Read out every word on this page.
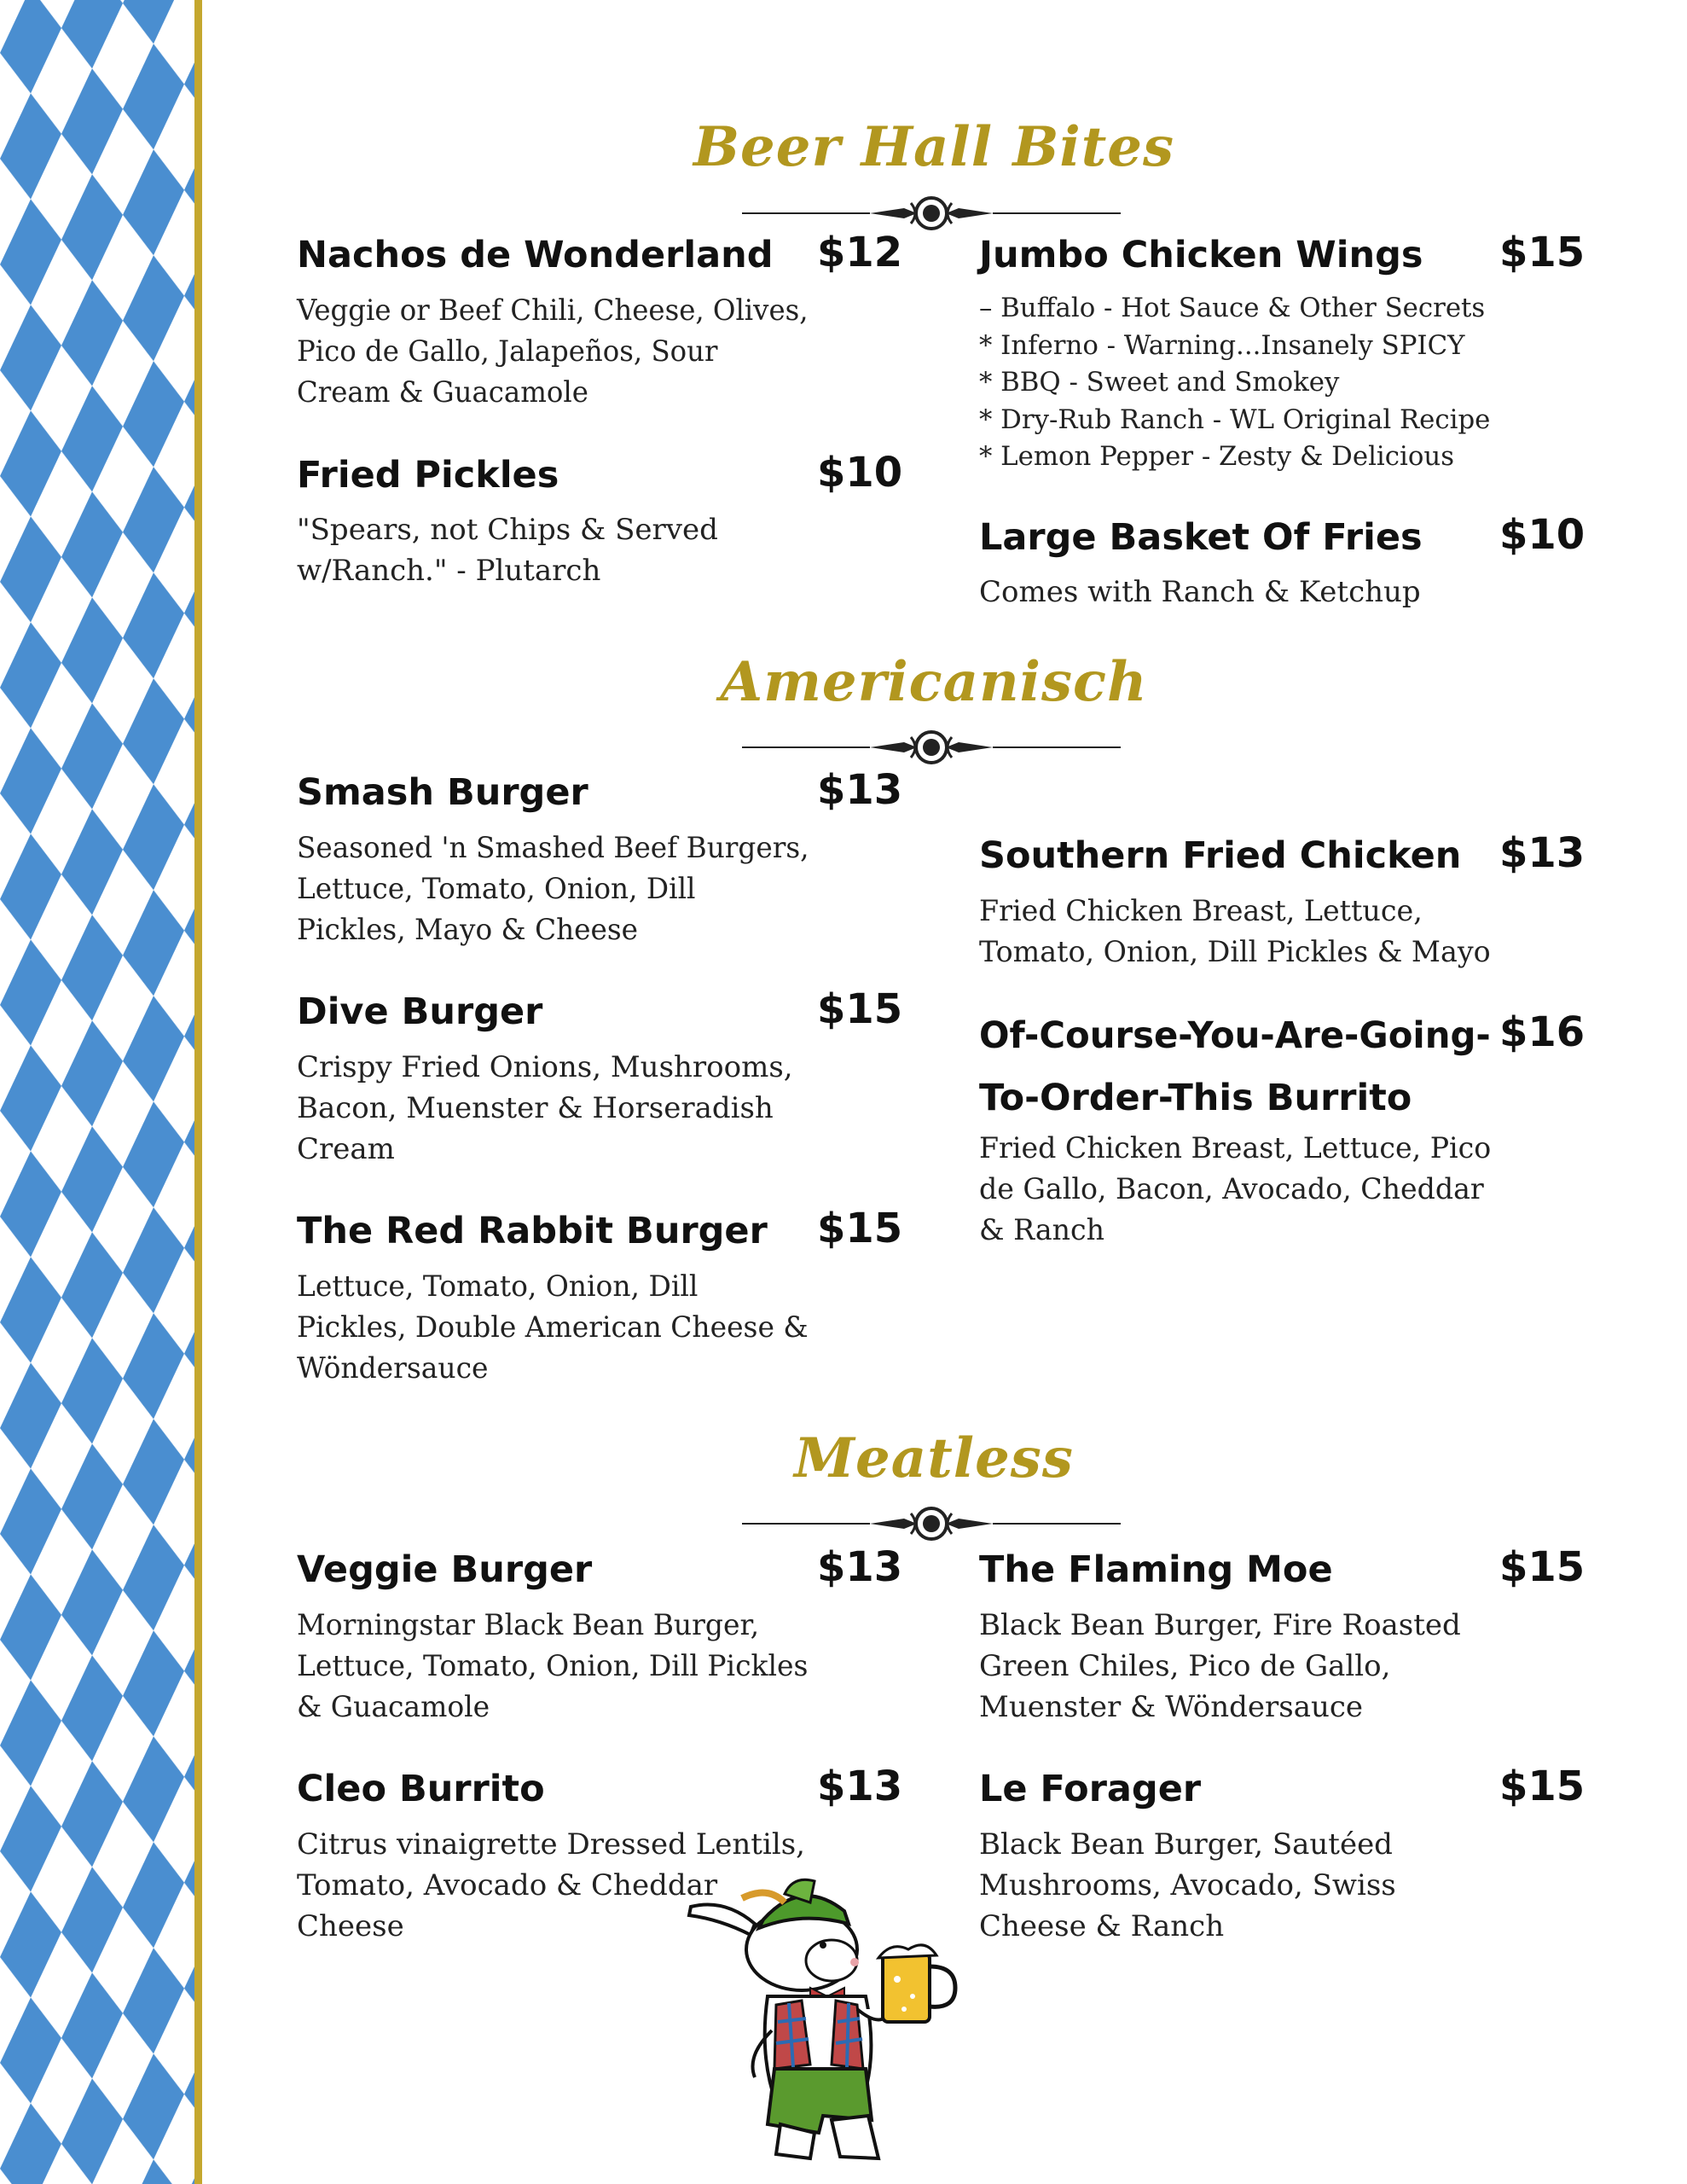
Beer Hall Bites
Nachos de Wonderland $12
Veggie or Beef Chili, Cheese, Olives,
Pico de Gallo, Jalapeños, Sour
Cream & Guacamole
Fried Pickles	$10
"Spears, not Chips & Served
w/Ranch." - Plutarch
Jumbo Chicken Wings $15
– Buffalo - Hot Sauce & Other Secrets
* Inferno - Warning...Insanely SPICY
* BBQ - Sweet and Smokey
* Dry-Rub Ranch - WL Original Recipe
* Lemon Pepper - Zesty & Delicious
Large Basket Of Fries $10
Comes with Ranch & Ketchup
Americanisch
Smash Burger	$13
Seasoned 'n Smashed Beef Burgers,
Lettuce, Tomato, Onion, Dill
Pickles, Mayo & Cheese
Dive Burger	$15
Crispy Fried Onions, Mushrooms,
Bacon, Muenster & Horseradish
Cream
The Red Rabbit Burger $15
Lettuce, Tomato, Onion, Dill
Pickles, Double American Cheese &
Wöndersauce
Southern Fried Chicken $13
Fried Chicken Breast, Lettuce,
Tomato, Onion, Dill Pickles & Mayo
Of-Course-You-Are-Going-
To-Order-This Burrito
$16
Fried Chicken Breast, Lettuce, Pico
de Gallo, Bacon, Avocado, Cheddar
& Ranch
Meatless
Veggie Burger	$13
Morningstar Black Bean Burger,
Lettuce, Tomato, Onion, Dill Pickles
& Guacamole
Cleo Burrito	$13
Citrus vinaigrette Dressed Lentils,
Tomato, Avocado & Cheddar
Cheese
The Flaming Moe	$15
Black Bean Burger, Fire Roasted
Green Chiles, Pico de Gallo,
Muenster & Wöndersauce
Le Forager	$15
Black Bean Burger, Sautéed
Mushrooms, Avocado, Swiss
Cheese & Ranch
